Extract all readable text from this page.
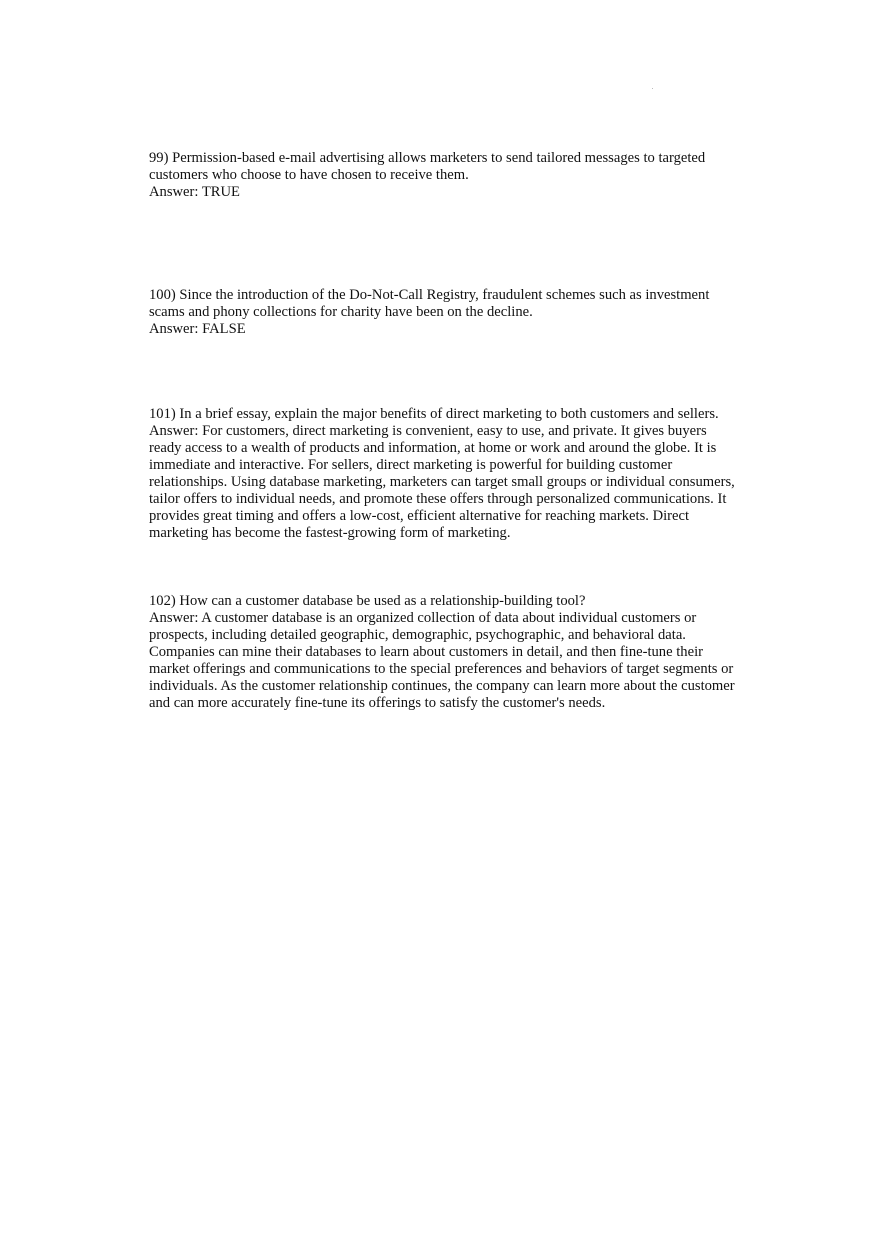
99) Permission-based e-mail advertising allows marketers to send tailored messages to targeted customers who choose to have chosen to receive them.

Answer: TRUE

100) Since the introduction of the Do-Not-Call Registry, fraudulent schemes such as investment scams and phony collections for charity have been on the decline.

Answer: FALSE

101) In a brief essay, explain the major benefits of direct marketing to both customers and sellers.

Answer: For customers, direct marketing is convenient, easy to use, and private. It gives buyers ready access to a wealth of products and information, at home or work and around the globe. It is immediate and interactive. For sellers, direct marketing is powerful for building customer relationships. Using database marketing, marketers can target small groups or individual consumers, tailor offers to individual needs, and promote these offers through personalized communications. It provides great timing and offers a low-cost, efficient alternative for reaching markets. Direct marketing has become the fastest-growing form of marketing.

102) How can a customer database be used as a relationship-building tool?

Answer: A customer database is an organized collection of data about individual customers or prospects, including detailed geographic, demographic, psychographic, and behavioral data. Companies can mine their databases to learn about customers in detail, and then fine-tune their market offerings and communications to the special preferences and behaviors of target segments or individuals. As the customer relationship continues, the company can learn more about the customer and can more accurately fine-tune its offerings to satisfy the customer's needs.
